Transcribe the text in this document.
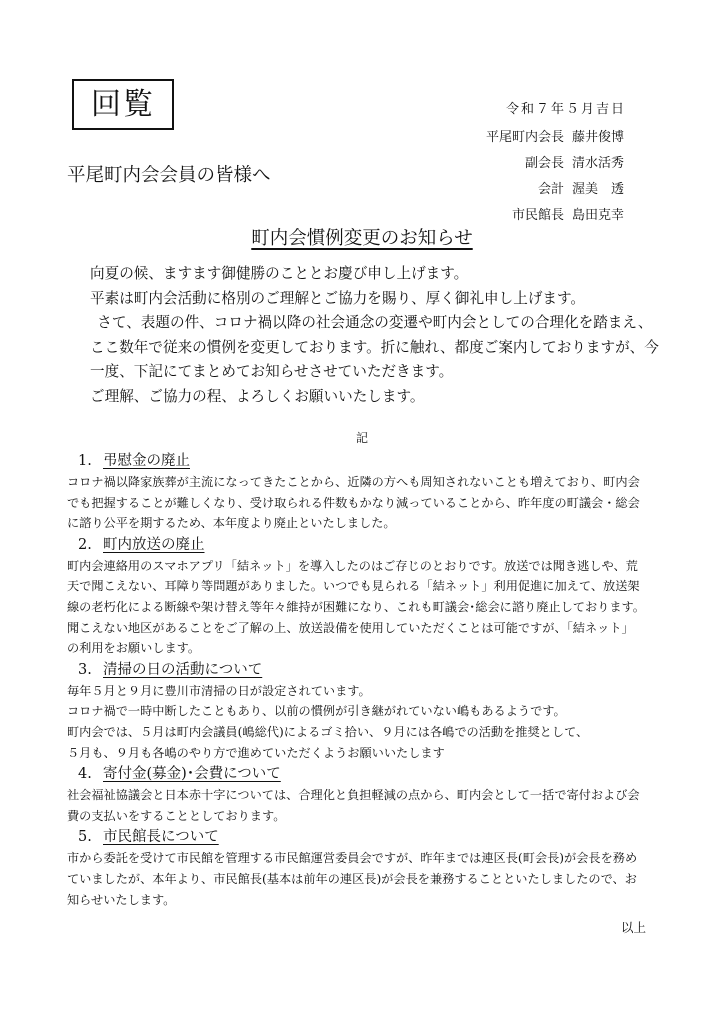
回覧	令和７年５月吉日
平尾町内会長 藤井俊博
副会長 清水活秀
会計 渥美　透
市民館長 島田克幸
平尾町内会会員の皆様へ
町内会慣例変更のお知らせ

向夏の候、ますます御健勝のこととお慶び申し上げます。

平素は町内会活動に格別のご理解とご協力を賜り、厚く御礼申し上げます。

さて、表題の件、コロナ禍以降の社会通念の変遷や町内会としての合理化を踏まえ、

ここ数年で従来の慣例を変更しております。折に触れ、都度ご案内しておりますが、今

一度、下記にてまとめてお知らせさせていただきます。

ご理解、ご協力の程、よろしくお願いいたします。

記
1. 弔慰金の廃止

コロナ禍以降家族葬が主流になってきたことから、近隣の方へも周知されないことも増えており、町内会

でも把握することが難しくなり、受け取られる件数もかなり減っていることから、昨年度の町議会・総会

に諮り公平を期するため、本年度より廃止といたしました。

2. 町内放送の廃止

町内会連絡用のスマホアプリ「結ネット」を導入したのはご存じのとおりです。放送では聞き逃しや、荒

天で聞こえない、耳障り等問題がありました。いつでも見られる「結ネット」利用促進に加えて、放送架

線の老朽化による断線や架け替え等年々維持が困難になり、これも町議会･総会に諮り廃止しております。

聞こえない地区があることをご了解の上、放送設備を使用していただくことは可能ですが、「結ネット」

の利用をお願いします。

3. 清掃の日の活動について

毎年５月と９月に豊川市清掃の日が設定されています。

コロナ禍で一時中断したこともあり、以前の慣例が引き継がれていない嶋もあるようです。

町内会では、５月は町内会議員(嶋総代)によるゴミ拾い、９月には各嶋での活動を推奨として、

５月も、９月も各嶋のやり方で進めていただくようお願いいたします

4. 寄付金(募金)･会費について

社会福祉協議会と日本赤十字については、合理化と負担軽減の点から、町内会として一括で寄付および会

費の支払いをすることとしております。

5. 市民館長について

市から委託を受けて市民館を管理する市民館運営委員会ですが、昨年までは連区長(町会長)が会長を務め

ていましたが、本年より、市民館長(基本は前年の連区長)が会長を兼務することといたしましたので、お

知らせいたします。

以上
